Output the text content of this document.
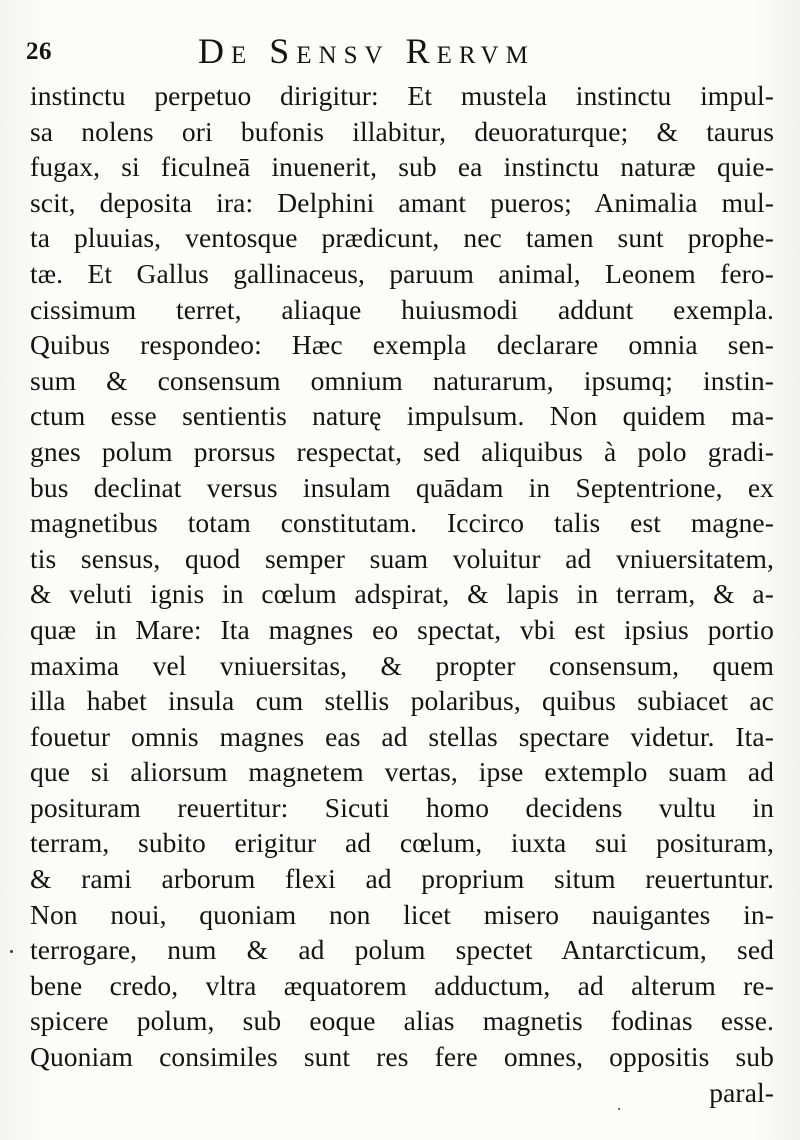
26	De Sensv Rervm
instinctu perpetuo dirigitur: Et mustela instinctu impul-
sa nolens ori bufonis illabitur, deuoraturque; & taurus
fugax, si ficulneā inuenerit, sub ea instinctu naturæ quie-
scit, deposita ira: Delphini amant pueros; Animalia mul-
ta pluuias, ventosque prædicunt, nec tamen sunt prophe-
tæ. Et Gallus gallinaceus, paruum animal, Leonem fero-
cissimum terret, aliaque huiusmodi addunt exempla.
Quibus respondeo: Hæc exempla declarare omnia sen-
sum & consensum omnium naturarum, ipsumq; instin-
ctum esse sentientis naturę impulsum. Non quidem ma-
gnes polum prorsus respectat, sed aliquibus à polo gradi-
bus declinat versus insulam quādam in Septentrione, ex
magnetibus totam constitutam. Iccirco talis est magne-
tis sensus, quod semper suam voluitur ad vniuersitatem,
& veluti ignis in cœlum adspirat, & lapis in terram, & a-
quæ in Mare: Ita magnes eo spectat, vbi est ipsius portio
maxima vel vniuersitas, & propter consensum, quem
illa habet insula cum stellis polaribus, quibus subiacet ac
fouetur omnis magnes eas ad stellas spectare videtur. Ita-
que si aliorsum magnetem vertas, ipse extemplo suam ad
posituram reuertitur: Sicuti homo decidens vultu in
terram, subito erigitur ad cœlum, iuxta sui posituram,
& rami arborum flexi ad proprium situm reuertuntur.
Non noui, quoniam non licet misero nauigantes in-
terrogare, num & ad polum spectet Antarcticum, sed
bene credo, vltra æquatorem adductum, ad alterum re-
spicere polum, sub eoque alias magnetis fodinas esse.
Quoniam consimiles sunt res fere omnes, oppositis sub
paral-
